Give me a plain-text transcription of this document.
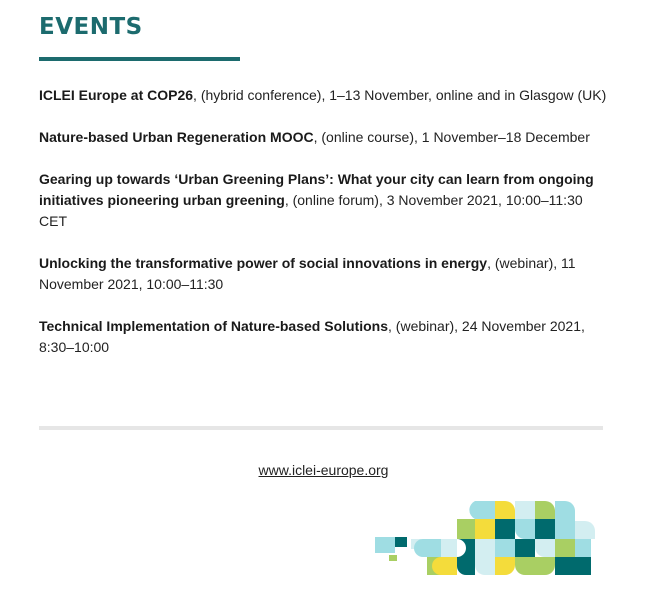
EVENTS

ICLEI Europe at COP26, (hybrid conference), 1–13 November, online and in Glasgow (UK)

Nature-based Urban Regeneration MOOC, (online course), 1 November–18 December

Gearing up towards ‘Urban Greening Plans’: What your city can learn from ongoing initiatives pioneering urban greening, (online forum), 3 November 2021, 10:00–11:30 CET

Unlocking the transformative power of social innovations in energy, (webinar), 11 November 2021, 10:00–11:30

Technical Implementation of Nature-based Solutions, (webinar), 24 November 2021, 8:30–10:00

www.iclei-europe.org
